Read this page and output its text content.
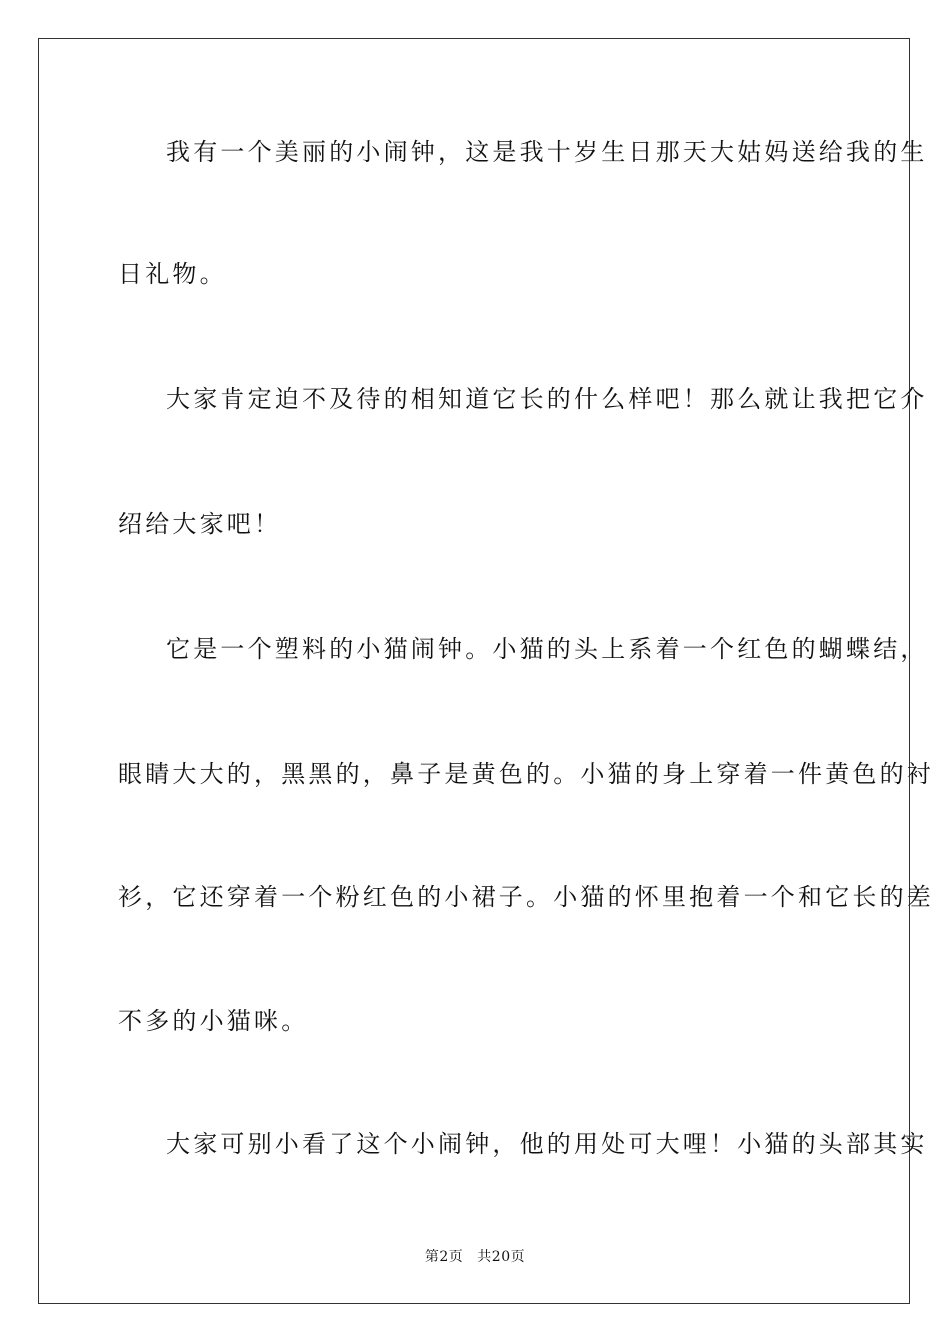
我有一个美丽的小闹钟，这是我十岁生日那天大姑妈送给我的生
日礼物。
大家肯定迫不及待的相知道它长的什么样吧！那么就让我把它介
绍给大家吧！
它是一个塑料的小猫闹钟。小猫的头上系着一个红色的蝴蝶结，
眼睛大大的，黑黑的，鼻子是黄色的。小猫的身上穿着一件黄色的衬
衫，它还穿着一个粉红色的小裙子。小猫的怀里抱着一个和它长的差
不多的小猫咪。
大家可别小看了这个小闹钟，他的用处可大哩！小猫的头部其实
第2页 共20页
